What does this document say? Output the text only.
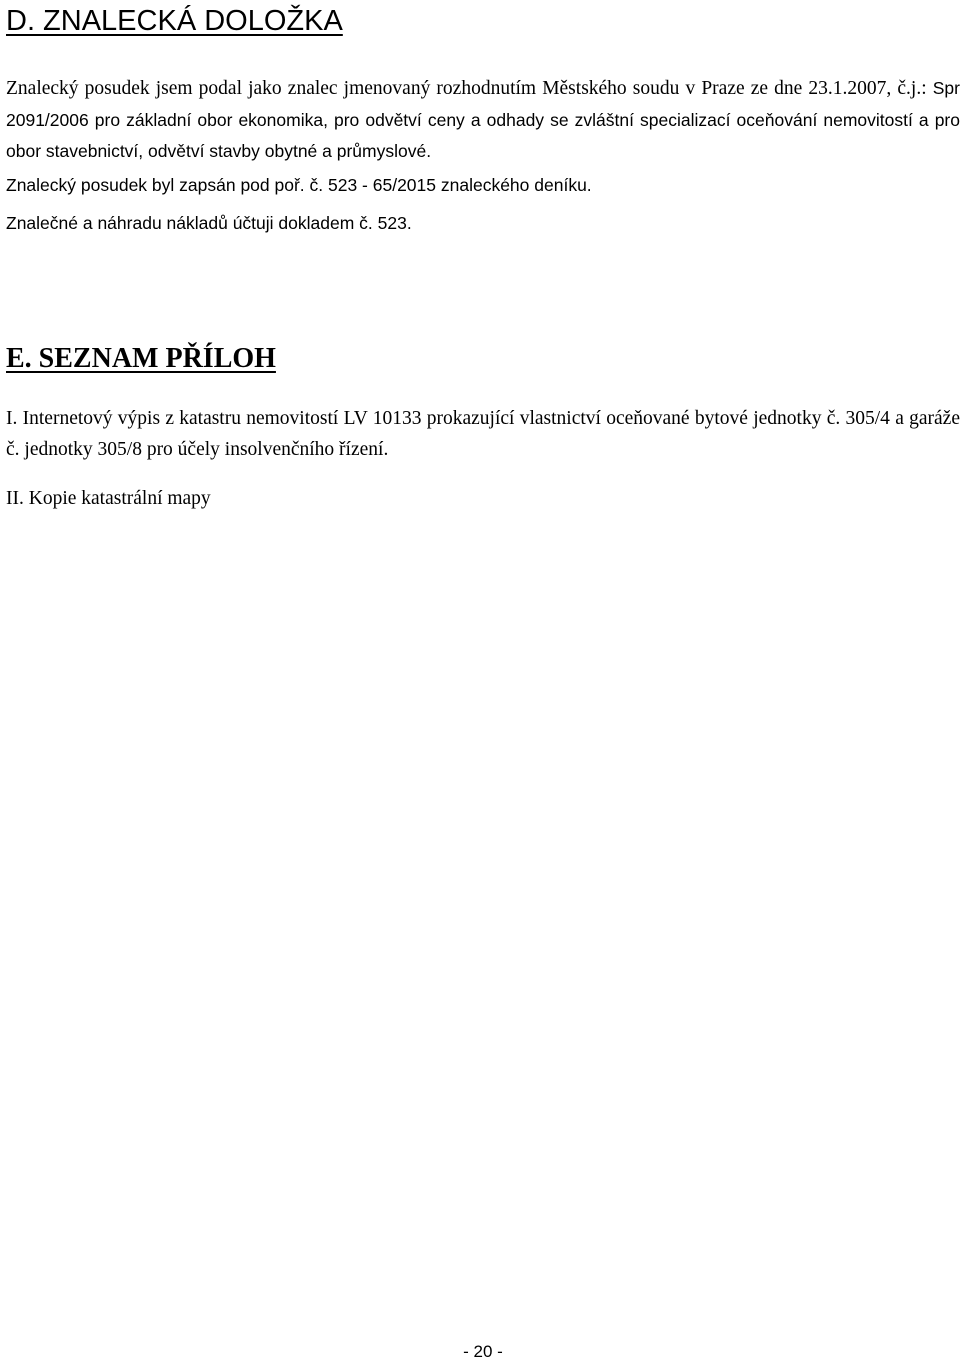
D. ZNALECKÁ DOLOŽKA

Znalecký posudek jsem podal jako znalec jmenovaný rozhodnutím Městského soudu v Praze ze dne 23.1.2007, č.j.: Spr 2091/2006 pro základní obor ekonomika, pro odvětví ceny a odhady se zvláštní specializací oceňování nemovitostí a pro obor stavebnictví, odvětví stavby obytné a průmyslové.

Znalecký posudek byl zapsán pod poř. č. 523 - 65/2015 znaleckého deníku.

Znalečné a náhradu nákladů účtuji dokladem č. 523.

E. SEZNAM PŘÍLOH

I. Internetový výpis z katastru nemovitostí LV 10133 prokazující vlastnictví oceňované bytové jednotky č. 305/4 a garáže č. jednotky 305/8 pro účely insolvenčního řízení.

II. Kopie katastrální mapy

- 20 -
